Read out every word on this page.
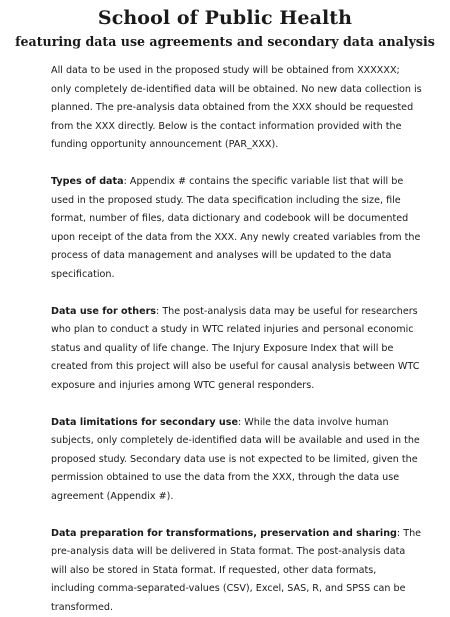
School of Public Health
featuring data use agreements and secondary data analysis

All data to be used in the proposed study will be obtained from XXXXXX; only completely de-identified data will be obtained. No new data collection is planned. The pre-analysis data obtained from the XXX should be requested from the XXX directly. Below is the contact information provided with the funding opportunity announcement (PAR_XXX).

Types of data: Appendix # contains the specific variable list that will be used in the proposed study. The data specification including the size, file format, number of files, data dictionary and codebook will be documented upon receipt of the data from the XXX. Any newly created variables from the process of data management and analyses will be updated to the data specification.

Data use for others: The post-analysis data may be useful for researchers who plan to conduct a study in WTC related injuries and personal economic status and quality of life change. The Injury Exposure Index that will be created from this project will also be useful for causal analysis between WTC exposure and injuries among WTC general responders.

Data limitations for secondary use: While the data involve human subjects, only completely de-identified data will be available and used in the proposed study. Secondary data use is not expected to be limited, given the permission obtained to use the data from the XXX, through the data use agreement (Appendix #).

Data preparation for transformations, preservation and sharing: The pre-analysis data will be delivered in Stata format. The post-analysis data will also be stored in Stata format. If requested, other data formats, including comma-separated-values (CSV), Excel, SAS, R, and SPSS can be transformed.
